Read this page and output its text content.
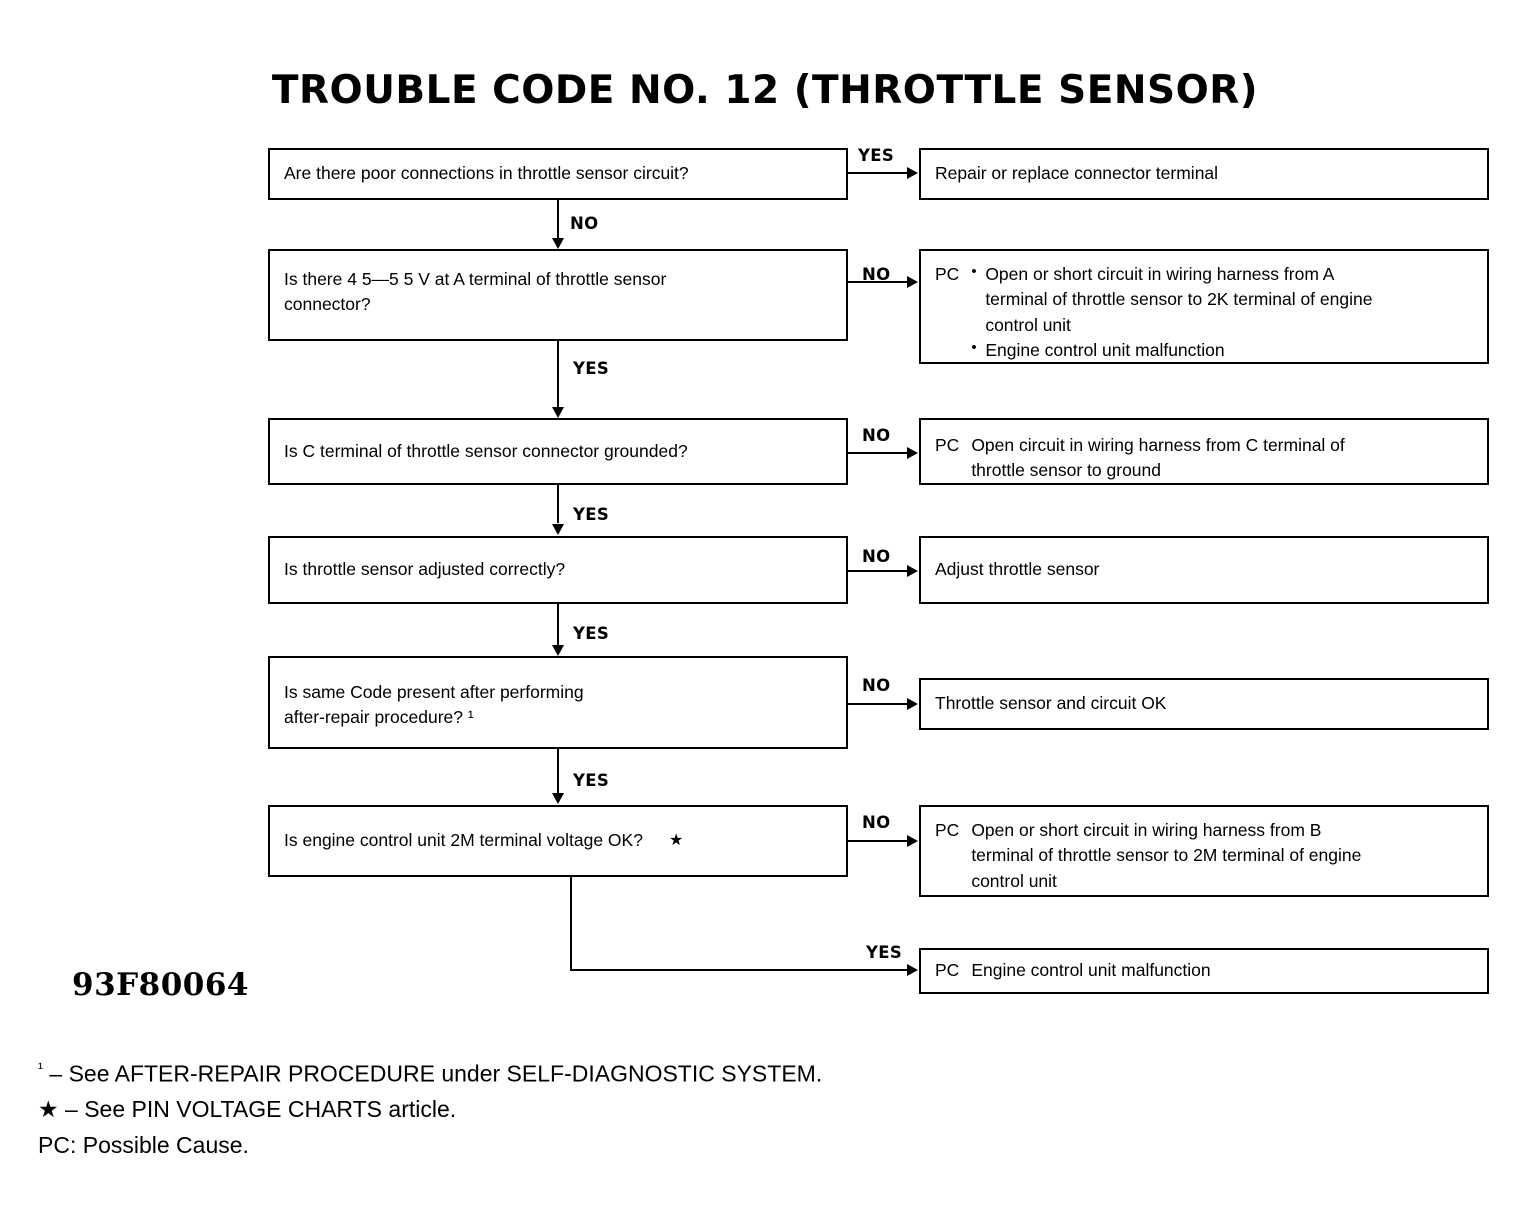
TROUBLE CODE NO. 12 (THROTTLE SENSOR)
Are there poor connections in throttle sensor circuit?
Is there 4 5—5 5 V at A terminal of throttle sensor
connector?
Is C terminal of throttle sensor connector grounded?
Is throttle sensor adjusted correctly?
Is same Code present after performing
after-repair procedure? ¹
Is engine control unit 2M terminal voltage OK?	★
Repair or replace connector terminal
PC	• Open or short circuit in wiring harness from A
terminal of throttle sensor to 2K terminal of engine
control unit
• Engine control unit malfunction
PC Open circuit in wiring harness from C terminal of
throttle sensor to ground
Adjust throttle sensor
Throttle sensor and circuit OK
PC Open or short circuit in wiring harness from B
terminal of throttle sensor to 2M terminal of engine
control unit
PC Engine control unit malfunction
YES
NO
NO
YES
NO
YES
NO
YES
NO
YES
NO
YES
93F80064
$^{^1}$ – See AFTER-REPAIR PROCEDURE under SELF-DIAGNOSTIC SYSTEM.
★ – See PIN VOLTAGE CHARTS article.
PC: Possible Cause.
